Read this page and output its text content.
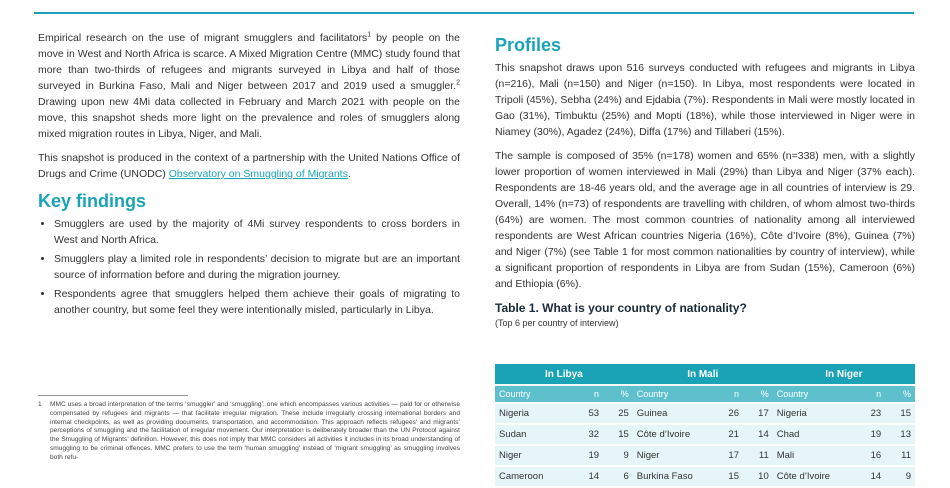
Empirical research on the use of migrant smugglers and facilitators$^1$ by people on the move in West and North Africa is scarce. A Mixed Migration Centre (MMC) study found that more than two-thirds of refugees and migrants surveyed in Libya and half of those surveyed in Burkina Faso, Mali and Niger between 2017 and 2019 used a smuggler.$^2$ Drawing upon new 4Mi data collected in February and March 2021 with people on the move, this snapshot sheds more light on the prevalence and roles of smugglers along mixed migration routes in Libya, Niger, and Mali.

This snapshot is produced in the context of a partnership with the United Nations Office of Drugs and Crime (UNODC) Observatory on Smuggling of Migrants.

Key findings
• Smugglers are used by the majority of 4Mi survey respondents to cross borders in West and North Africa.
• Smugglers play a limited role in respondents’ decision to migrate but are an important source of information before and during the migration journey.
• Respondents agree that smugglers helped them achieve their goals of migrating to another country, but some feel they were intentionally misled, particularly in Libya.
1	MMC uses a broad interpretation of the terms ‘smuggler’ and ‘smuggling’, one which encompasses various activities — paid for or otherwise compensated by refugees and migrants — that facilitate irregular migration. These include irregularly crossing international borders and internal checkpoints, as well as providing documents, transportation, and accommodation. This approach reflects refugees’ and migrants’ perceptions of smuggling and the facilitation of irregular movement. Our interpretation is deliberately broader than the UN Protocol against the Smuggling of Migrants’ definition. However, this does not imply that MMC considers all activities it includes in its broad understanding of smuggling to be criminal offences. MMC prefers to use the term ‘human smuggling’ instead of ‘migrant smuggling’ as smuggling involves both refu-
Profiles

This snapshot draws upon 516 surveys conducted with refugees and migrants in Libya (n=216), Mali (n=150) and Niger (n=150). In Libya, most respondents were located in Tripoli (45%), Sebha (24%) and Ejdabia (7%). Respondents in Mali were mostly located in Gao (31%), Timbuktu (25%) and Mopti (18%), while those interviewed in Niger were in Niamey (30%), Agadez (24%), Diffa (17%) and Tillaberi (15%).

The sample is composed of 35% (n=178) women and 65% (n=338) men, with a slightly lower proportion of women interviewed in Mali (29%) than Libya and Niger (37% each). Respondents are 18-46 years old, and the average age in all countries of interview is 29. Overall, 14% (n=73) of respondents are travelling with children, of whom almost two-thirds (64%) are women. The most common countries of nationality among all interviewed respondents are West African countries Nigeria (16%), Côte d’Ivoire (8%), Guinea (7%) and Niger (7%) (see Table 1 for most common nationalities by country of interview), while a significant proportion of respondents in Libya are from Sudan (15%), Cameroon (6%) and Ethiopia (6%).

Table 1. What is your country of nationality?
(Top 6 per country of interview)
In Libya			In Mali			In Niger		
Country	n	%	Country	n	%	Country	n	%
Nigeria	53	25	Guinea	26	17	Nigeria	23	15
Sudan	32	15	Côte d’Ivoire	21	14	Chad	19	13
Niger	19	9	Niger	17	11	Mali	16	11
Cameroon	14	6	Burkina Faso	15	10	Côte d’Ivoire	14	9
